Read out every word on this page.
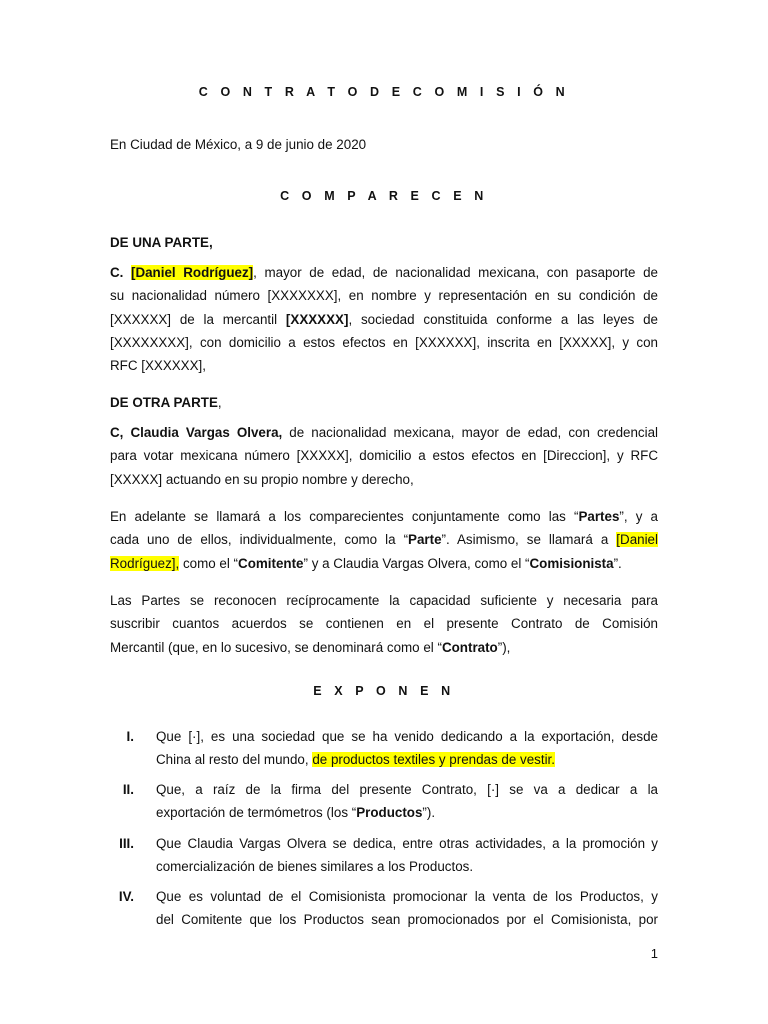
C O N T R A T O D E C O M I S I Ó N
En Ciudad de México, a 9 de junio de 2020
C O M P A R E C E N
DE UNA PARTE,
C. [Daniel Rodríguez], mayor de edad, de nacionalidad mexicana, con pasaporte de
su nacionalidad número [XXXXXXX], en nombre y representación en su condición de
[XXXXXX] de la mercantil [XXXXXX], sociedad constituida conforme a las leyes de
[XXXXXXXX], con domicilio a estos efectos en [XXXXXX], inscrita en [XXXXX], y con
RFC [XXXXXX],
DE OTRA PARTE,
C, Claudia Vargas Olvera, de nacionalidad mexicana, mayor de edad, con credencial
para votar mexicana número [XXXXX], domicilio a estos efectos en [Direccion], y RFC
[XXXXX] actuando en su propio nombre y derecho,
En adelante se llamará a los comparecientes conjuntamente como las “Partes”, y a
cada uno de ellos, individualmente, como la “Parte”. Asimismo, se llamará a [Daniel
Rodríguez], como el “Comitente” y a Claudia Vargas Olvera, como el “Comisionista”.
Las Partes se reconocen recíprocamente la capacidad suficiente y necesaria para
suscribir cuantos acuerdos se contienen en el presente Contrato de Comisión
Mercantil (que, en lo sucesivo, se denominará como el “Contrato”),
E X P O N E N
I. Que [·], es una sociedad que se ha venido dedicando a la exportación, desde
China al resto del mundo, de productos textiles y prendas de vestir.
II. Que, a raíz de la firma del presente Contrato, [·] se va a dedicar a la
exportación de termómetros (los “Productos”).
III. Que Claudia Vargas Olvera se dedica, entre otras actividades, a la promoción y
comercialización de bienes similares a los Productos.
IV. Que es voluntad de el Comisionista promocionar la venta de los Productos, y
del Comitente que los Productos sean promocionados por el Comisionista, por
1
